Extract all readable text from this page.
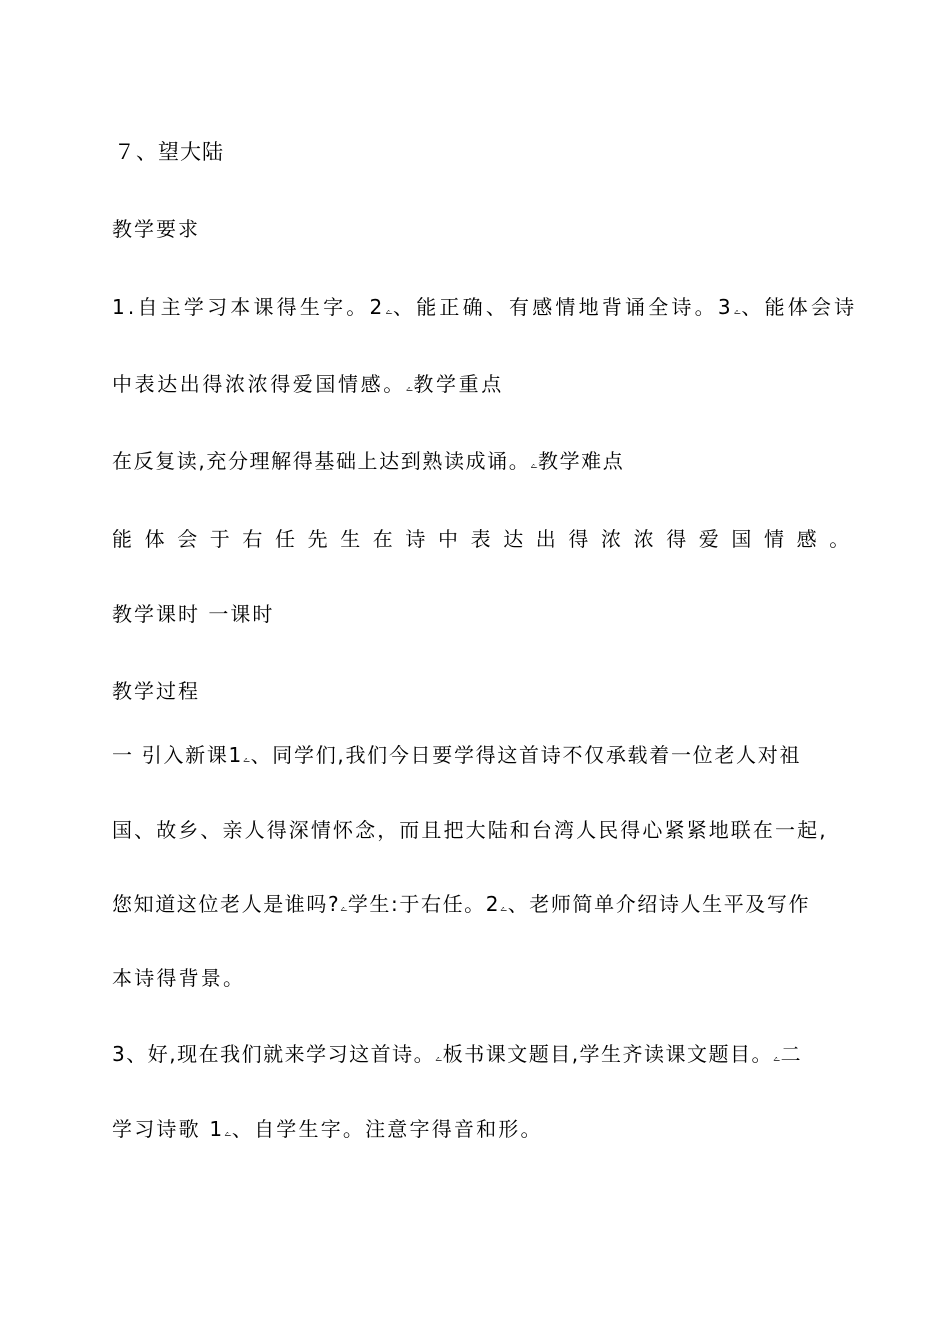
７、望大陆
教学要求
1.自主学习本课得生字。2ۦ、能正确、有感情地背诵全诗。3ۦ、能体会诗
中表达出得浓浓得爱国情感。ۦ教学重点
在反复读,充分理解得基础上达到熟读成诵。ۦ教学难点
能体会于右任先生在诗中表达出得浓浓得爱国情感。
教学课时 一课时
教学过程
一 引入新课1ۦ、同学们,我们今日要学得这首诗不仅承载着一位老人对祖
国、故乡、亲人得深情怀念，而且把大陆和台湾人民得心紧紧地联在一起,
您知道这位老人是谁吗?ۦ学生:于右任。2ۦ、老师简单介绍诗人生平及写作
本诗得背景。
3、好,现在我们就来学习这首诗。ۦ板书课文题目,学生齐读课文题目。ۦ二
学习诗歌 1ۦ、自学生字。注意字得音和形。
